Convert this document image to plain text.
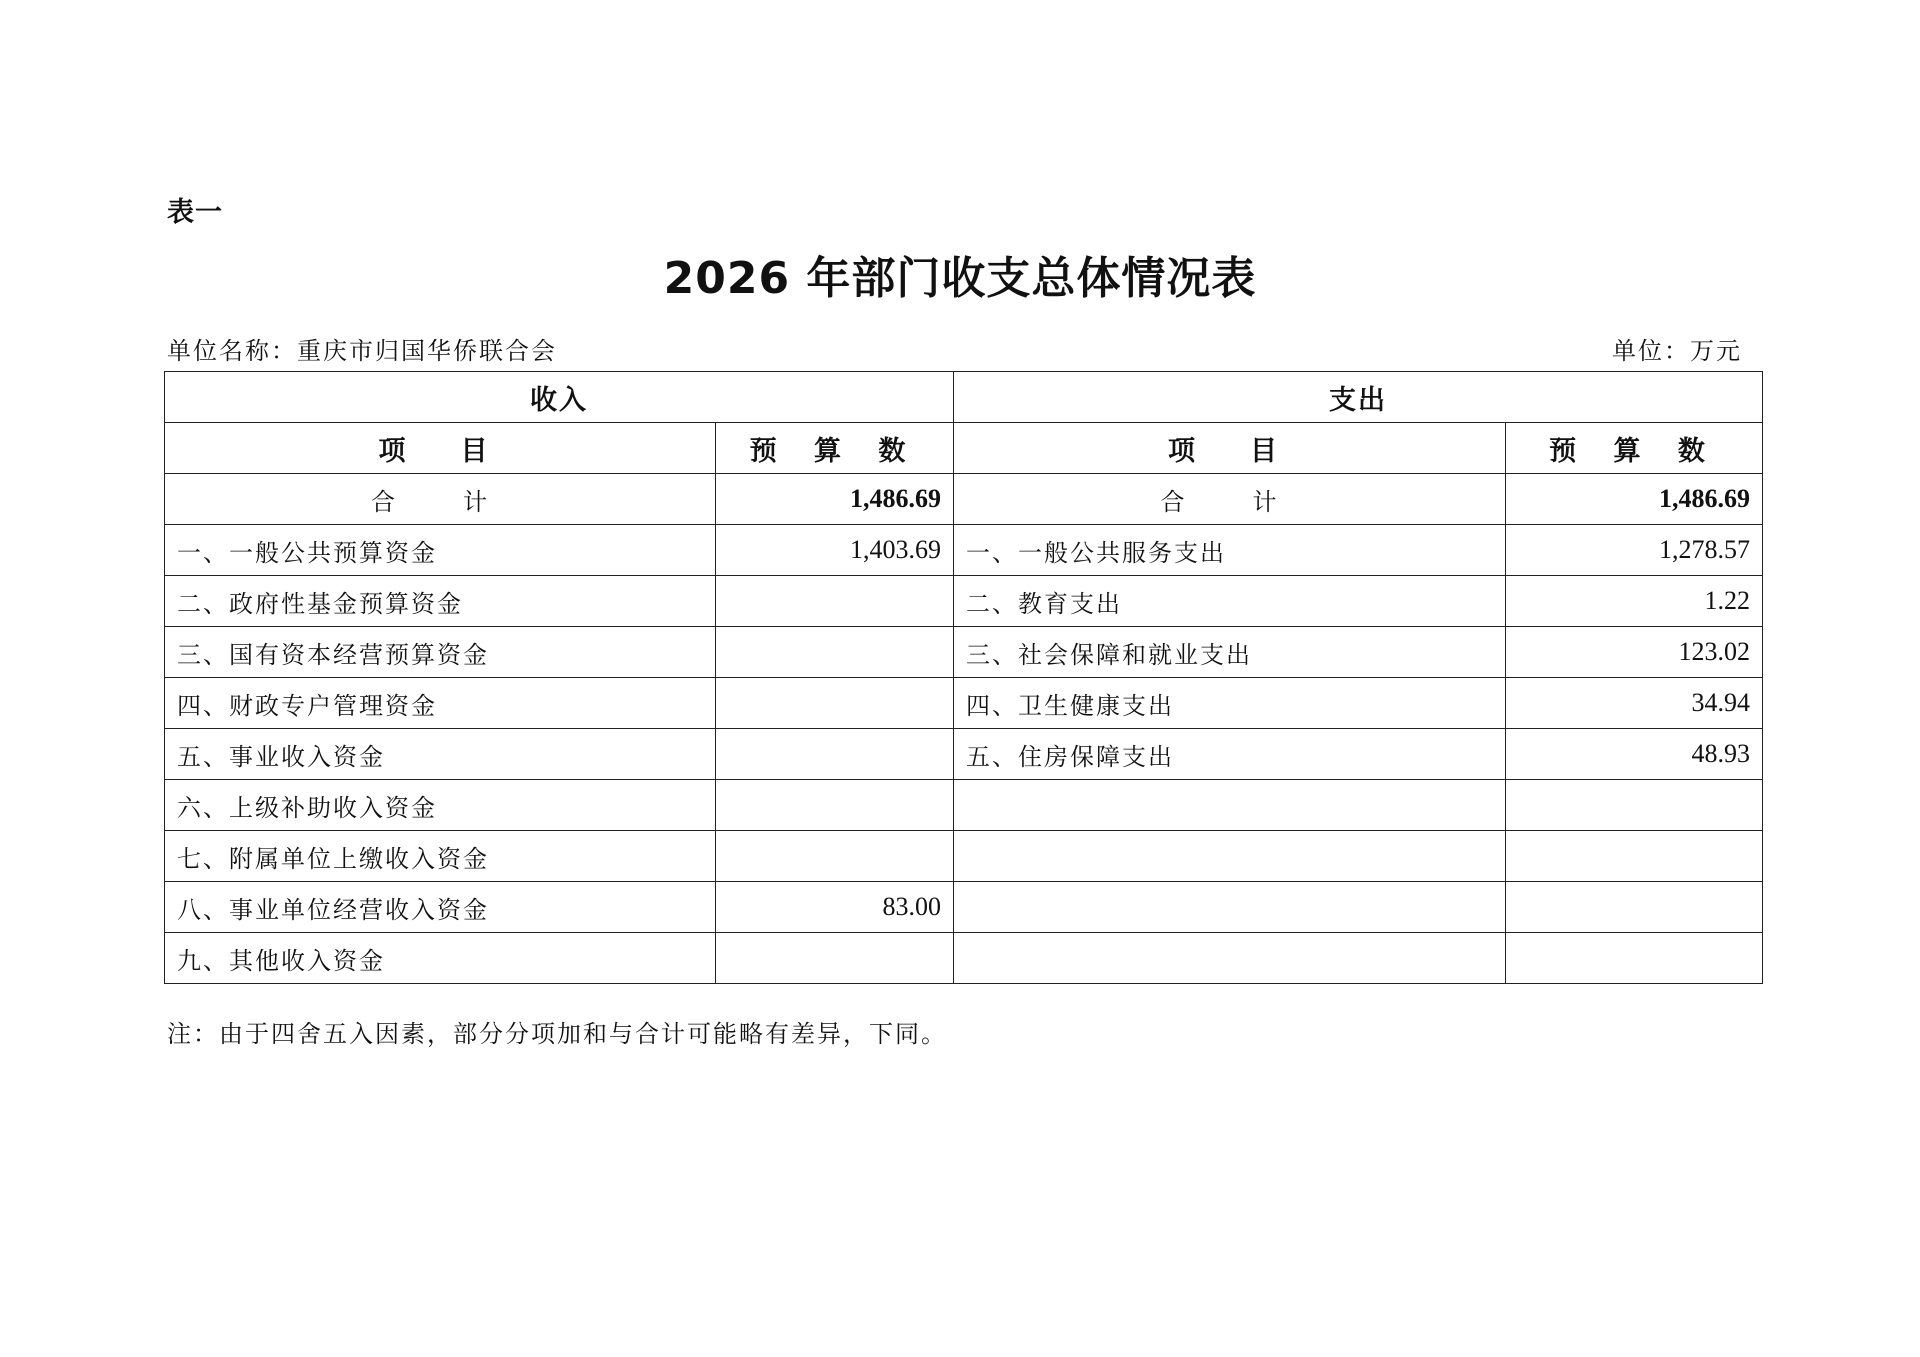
表一
2026 年部门收支总体情况表
单位名称：重庆市归国华侨联合会	单位：万元
收入		支出	
项　目	预 算 数	项　目	预 算 数
合　计	1,486.69	合　计	1,486.69
一、一般公共预算资金	1,403.69	一、一般公共服务支出	1,278.57
二、政府性基金预算资金		二、教育支出	1.22
三、国有资本经营预算资金		三、社会保障和就业支出	123.02
四、财政专户管理资金		四、卫生健康支出	34.94
五、事业收入资金		五、住房保障支出	48.93
六、上级补助收入资金			
七、附属单位上缴收入资金			
八、事业单位经营收入资金	83.00		
九、其他收入资金			
注：由于四舍五入因素，部分分项加和与合计可能略有差异，下同。
